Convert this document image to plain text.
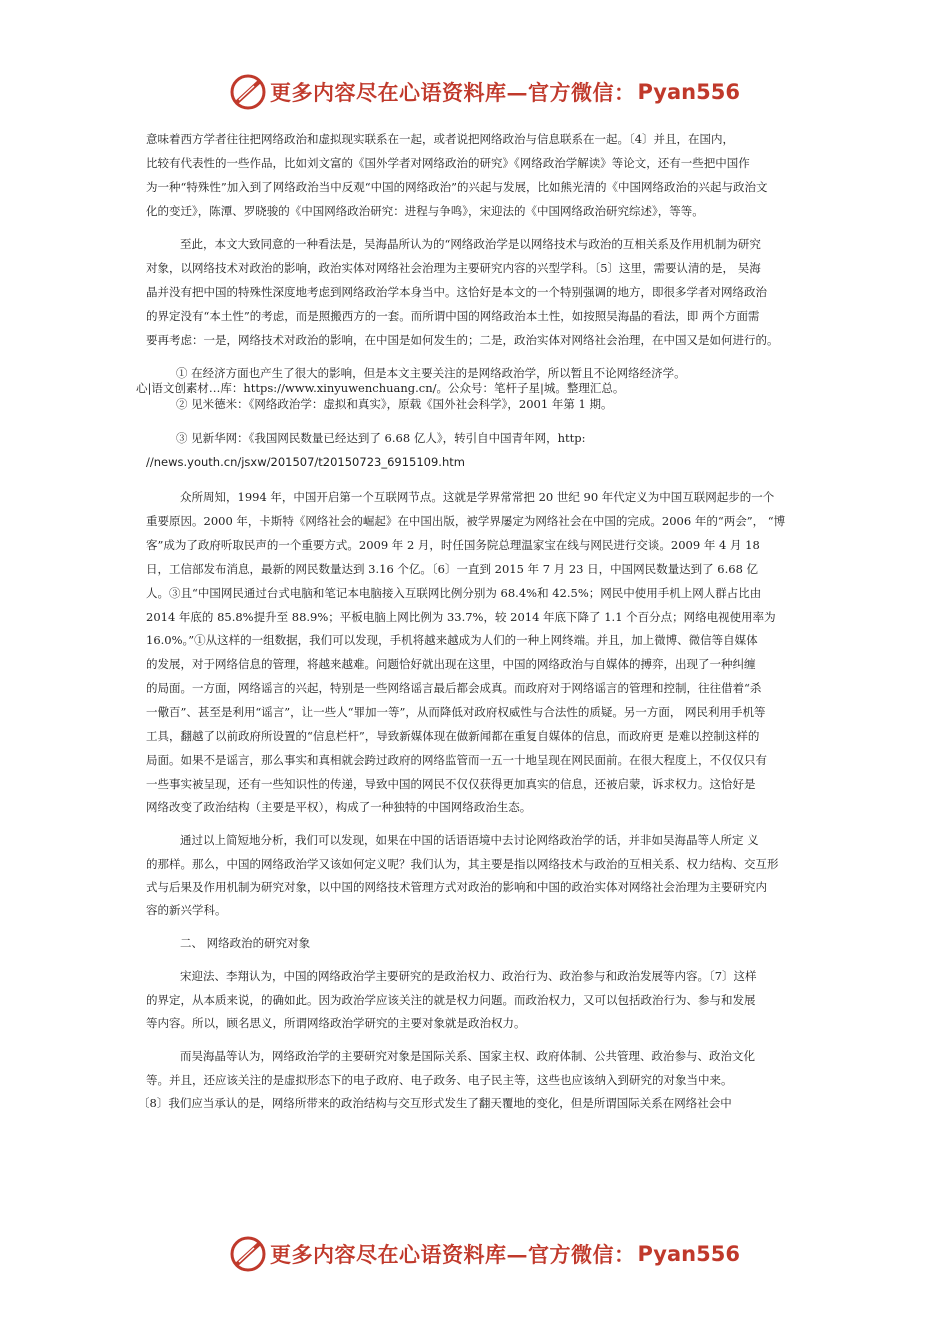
更多内容尽在心语资料库—官方微信： Pyan556
意味着西方学者往往把网络政治和虚拟现实联系在一起，或者说把网络政治与信息联系在一起。〔4〕并且，在国内，
比较有代表性的一些作品，比如刘文富的《国外学者对网络政治的研究》《网络政治学解读》等论文，还有一些把中国作
为一种“特殊性”加入到了网络政治当中反观“中国的网络政治”的兴起与发展，比如熊光清的《中国网络政治的兴起与政治文
化的变迁》，陈潭、罗晓骏的《中国网络政治研究：进程与争鸣》，宋迎法的《中国网络政治研究综述》，等等。
至此，本文大致同意的一种看法是，吴海晶所认为的“网络政治学是以网络技术与政治的互相关系及作用机制为研究
对象，以网络技术对政治的影响，政治实体对网络社会治理为主要研究内容的兴型学科。〔5〕这里，需要认清的是， 吴海
晶并没有把中国的特殊性深度地考虑到网络政治学本身当中。这恰好是本文的一个特别强调的地方，即很多学者对网络政治
的界定没有“本土性”的考虑，而是照搬西方的一套。而所谓中国的网络政治本土性，如按照吴海晶的看法，即 两个方面需
要再考虑：一是，网络技术对政治的影响，在中国是如何发生的；二是，政治实体对网络社会治理，在中国又是如何进行的。
① 在经济方面也产生了很大的影响，但是本文主要关注的是网络政治学，所以暂且不论网络经济学。
心|语文创素材…库：https://www.xinyuwenchuang.cn/。公众号：笔杆子星|城。整理汇总。
② 见米德米：《网络政治学：虚拟和真实》，原载《国外社会科学》，2001 年第 1 期。
③ 见新华网：《我国网民数量已经达到了 6.68 亿人》，转引自中国青年网，http:
//news.youth.cn/jsxw/201507/t20150723_6915109.htm
众所周知，1994 年，中国开启第一个互联网节点。这就是学界常常把 20 世纪 90 年代定义为中国互联网起步的一个
重要原因。2000 年，卡斯特《网络社会的崛起》在中国出版，被学界屡定为网络社会在中国的完成。2006 年的“两会”， “博
客”成为了政府听取民声的一个重要方式。2009 年 2 月，时任国务院总理温家宝在线与网民进行交谈。2009 年 4 月 18
日，工信部发布消息，最新的网民数量达到 3.16 个亿。〔6〕一直到 2015 年 7 月 23 日，中国网民数量达到了 6.68 亿
人。③且“中国网民通过台式电脑和笔记本电脑接入互联网比例分别为 68.4%和 42.5%；网民中使用手机上网人群占比由
2014 年底的 85.8%提升至 88.9%；平板电脑上网比例为 33.7%，较 2014 年底下降了 1.1 个百分点；网络电视使用率为
16.0%。”①从这样的一组数据，我们可以发现，手机将越来越成为人们的一种上网终端。并且，加上微博、微信等自媒体
的发展，对于网络信息的管理，将越来越难。问题恰好就出现在这里，中国的网络政治与自媒体的搏弈，出现了一种纠缠
的局面。一方面，网络谣言的兴起，特别是一些网络谣言最后都会成真。而政府对于网络谣言的管理和控制，往往借着“杀
一儆百”、甚至是利用“谣言”，让一些人“罪加一等”，从而降低对政府权威性与合法性的质疑。另一方面， 网民利用手机等
工具，翻越了以前政府所设置的“信息栏杆”，导致新媒体现在做新闻都在重复自媒体的信息，而政府更 是难以控制这样的
局面。如果不是谣言，那么事实和真相就会跨过政府的网络监管而一五一十地呈现在网民面前。在很大程度上，不仅仅只有
一些事实被呈现，还有一些知识性的传递，导致中国的网民不仅仅获得更加真实的信息，还被启蒙，诉求权力。这恰好是
网络改变了政治结构（主要是平权），构成了一种独特的中国网络政治生态。
通过以上简短地分析，我们可以发现，如果在中国的话语语境中去讨论网络政治学的话，并非如吴海晶等人所定 义
的那样。那么，中国的网络政治学又该如何定义呢？我们认为，其主要是指以网络技术与政治的互相关系、权力结构、交互形
式与后果及作用机制为研究对象，以中国的网络技术管理方式对政治的影响和中国的政治实体对网络社会治理为主要研究内
容的新兴学科。
二、 网络政治的研究对象
宋迎法、李翔认为，中国的网络政治学主要研究的是政治权力、政治行为、政治参与和政治发展等内容。〔7〕这样
的界定，从本质来说，的确如此。因为政治学应该关注的就是权力问题。而政治权力，又可以包括政治行为、参与和发展
等内容。所以，顾名思义，所谓网络政治学研究的主要对象就是政治权力。
而吴海晶等认为，网络政治学的主要研究对象是国际关系、国家主权、政府体制、公共管理、政治参与、政治文化
等。并且，还应该关注的是虚拟形态下的电子政府、电子政务、电子民主等，这些也应该纳入到研究的对象当中来。
〔8〕我们应当承认的是，网络所带来的政治结构与交互形式发生了翻天覆地的变化，但是所谓国际关系在网络社会中
更多内容尽在心语资料库—官方微信： Pyan556
